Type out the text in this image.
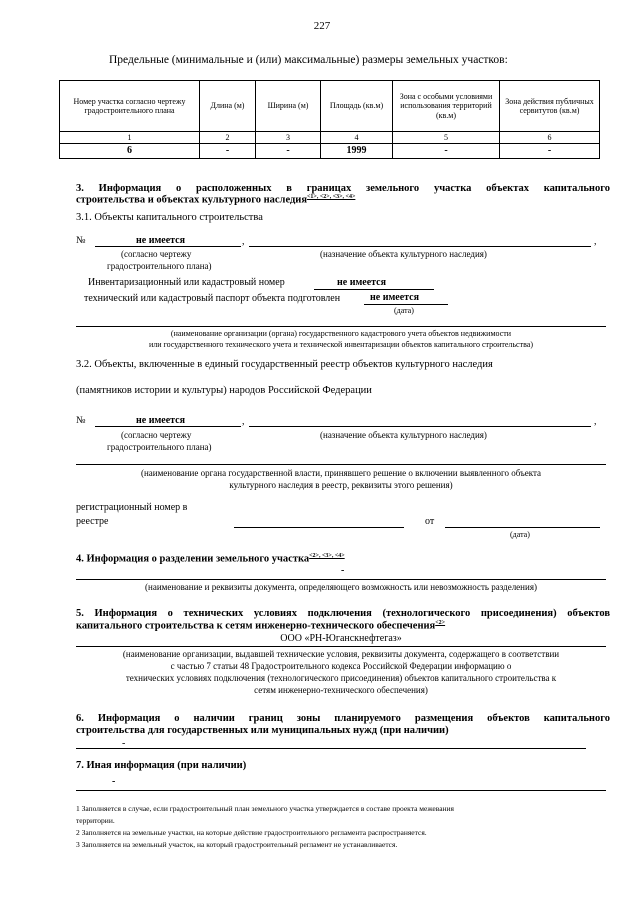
227
Предельные (минимальные и (или) максимальные) размеры земельных участков:
Номер участка согласно чертежу градостроительного плана	Длина (м)	Ширина (м)	Площадь (кв.м)	Зона с особыми условиями использования территорий (кв.м)	Зона действия публичных сервитутов (кв.м)
1	2	3	4	5	6
6	-	-	1999	-	-
3. Информация о расположенных в границах земельного участка объектах капитального
строительства и объектах культурного наследия$^{<1>, <2>, <3>, <4>}$
3.1. Объекты капитального строительства
№	не имеется	,	,
(согласно чертежу
градостроительного плана)
(назначение объекта культурного наследия)
Инвентаризационный или кадастровый номер	не имеется
технический или кадастровый паспорт объекта подготовлен	не имеется
(дата)
(наименование организации (органа) государственного кадастрового учета объектов недвижимости
или государственного технического учета и технической инвентаризации объектов капитального строительства)
3.2. Объекты, включенные в единый государственный реестр объектов культурного наследия
(памятников истории и культуры) народов Российской Федерации
№	не имеется	,	,
(согласно чертежу
градостроительного плана)
(назначение объекта культурного наследия)
(наименование органа государственной власти, принявшего решение о включении выявленного объекта
культурного наследия в реестр, реквизиты этого решения)
регистрационный номер в
реестре	от
(дата)
4. Информация о разделении земельного участка$^{<2>, <3>, <4>}$
-
(наименование и реквизиты документа, определяющего возможность или невозможность разделения)
5. Информация о технических условиях подключения (технологического присоединения) объектов
капитального строительства к сетям инженерно-технического обеспечения$^{<2>}$
ООО «РН-Юганскнефтегаз»
(наименование организации, выдавшей технические условия, реквизиты документа, содержащего в соответствии
с частью 7 статьи 48 Градостроительного кодекса Российской Федерации информацию о
технических условиях подключения (технологического присоединения) объектов капитального строительства к
сетям инженерно-технического обеспечения)
6. Информация о наличии границ зоны планируемого размещения объектов капитального
строительства для государственных или муниципальных нужд (при наличии)
-
7. Иная информация (при наличии)
-
1 Заполняется в случае, если градостроительный план земельного участка утверждается в составе проекта межевания
территории.
2 Заполняется на земельные участки, на которые действие градостроительного регламента распространяется.
3 Заполняется на земельный участок, на который градостроительный регламент не устанавливается.
